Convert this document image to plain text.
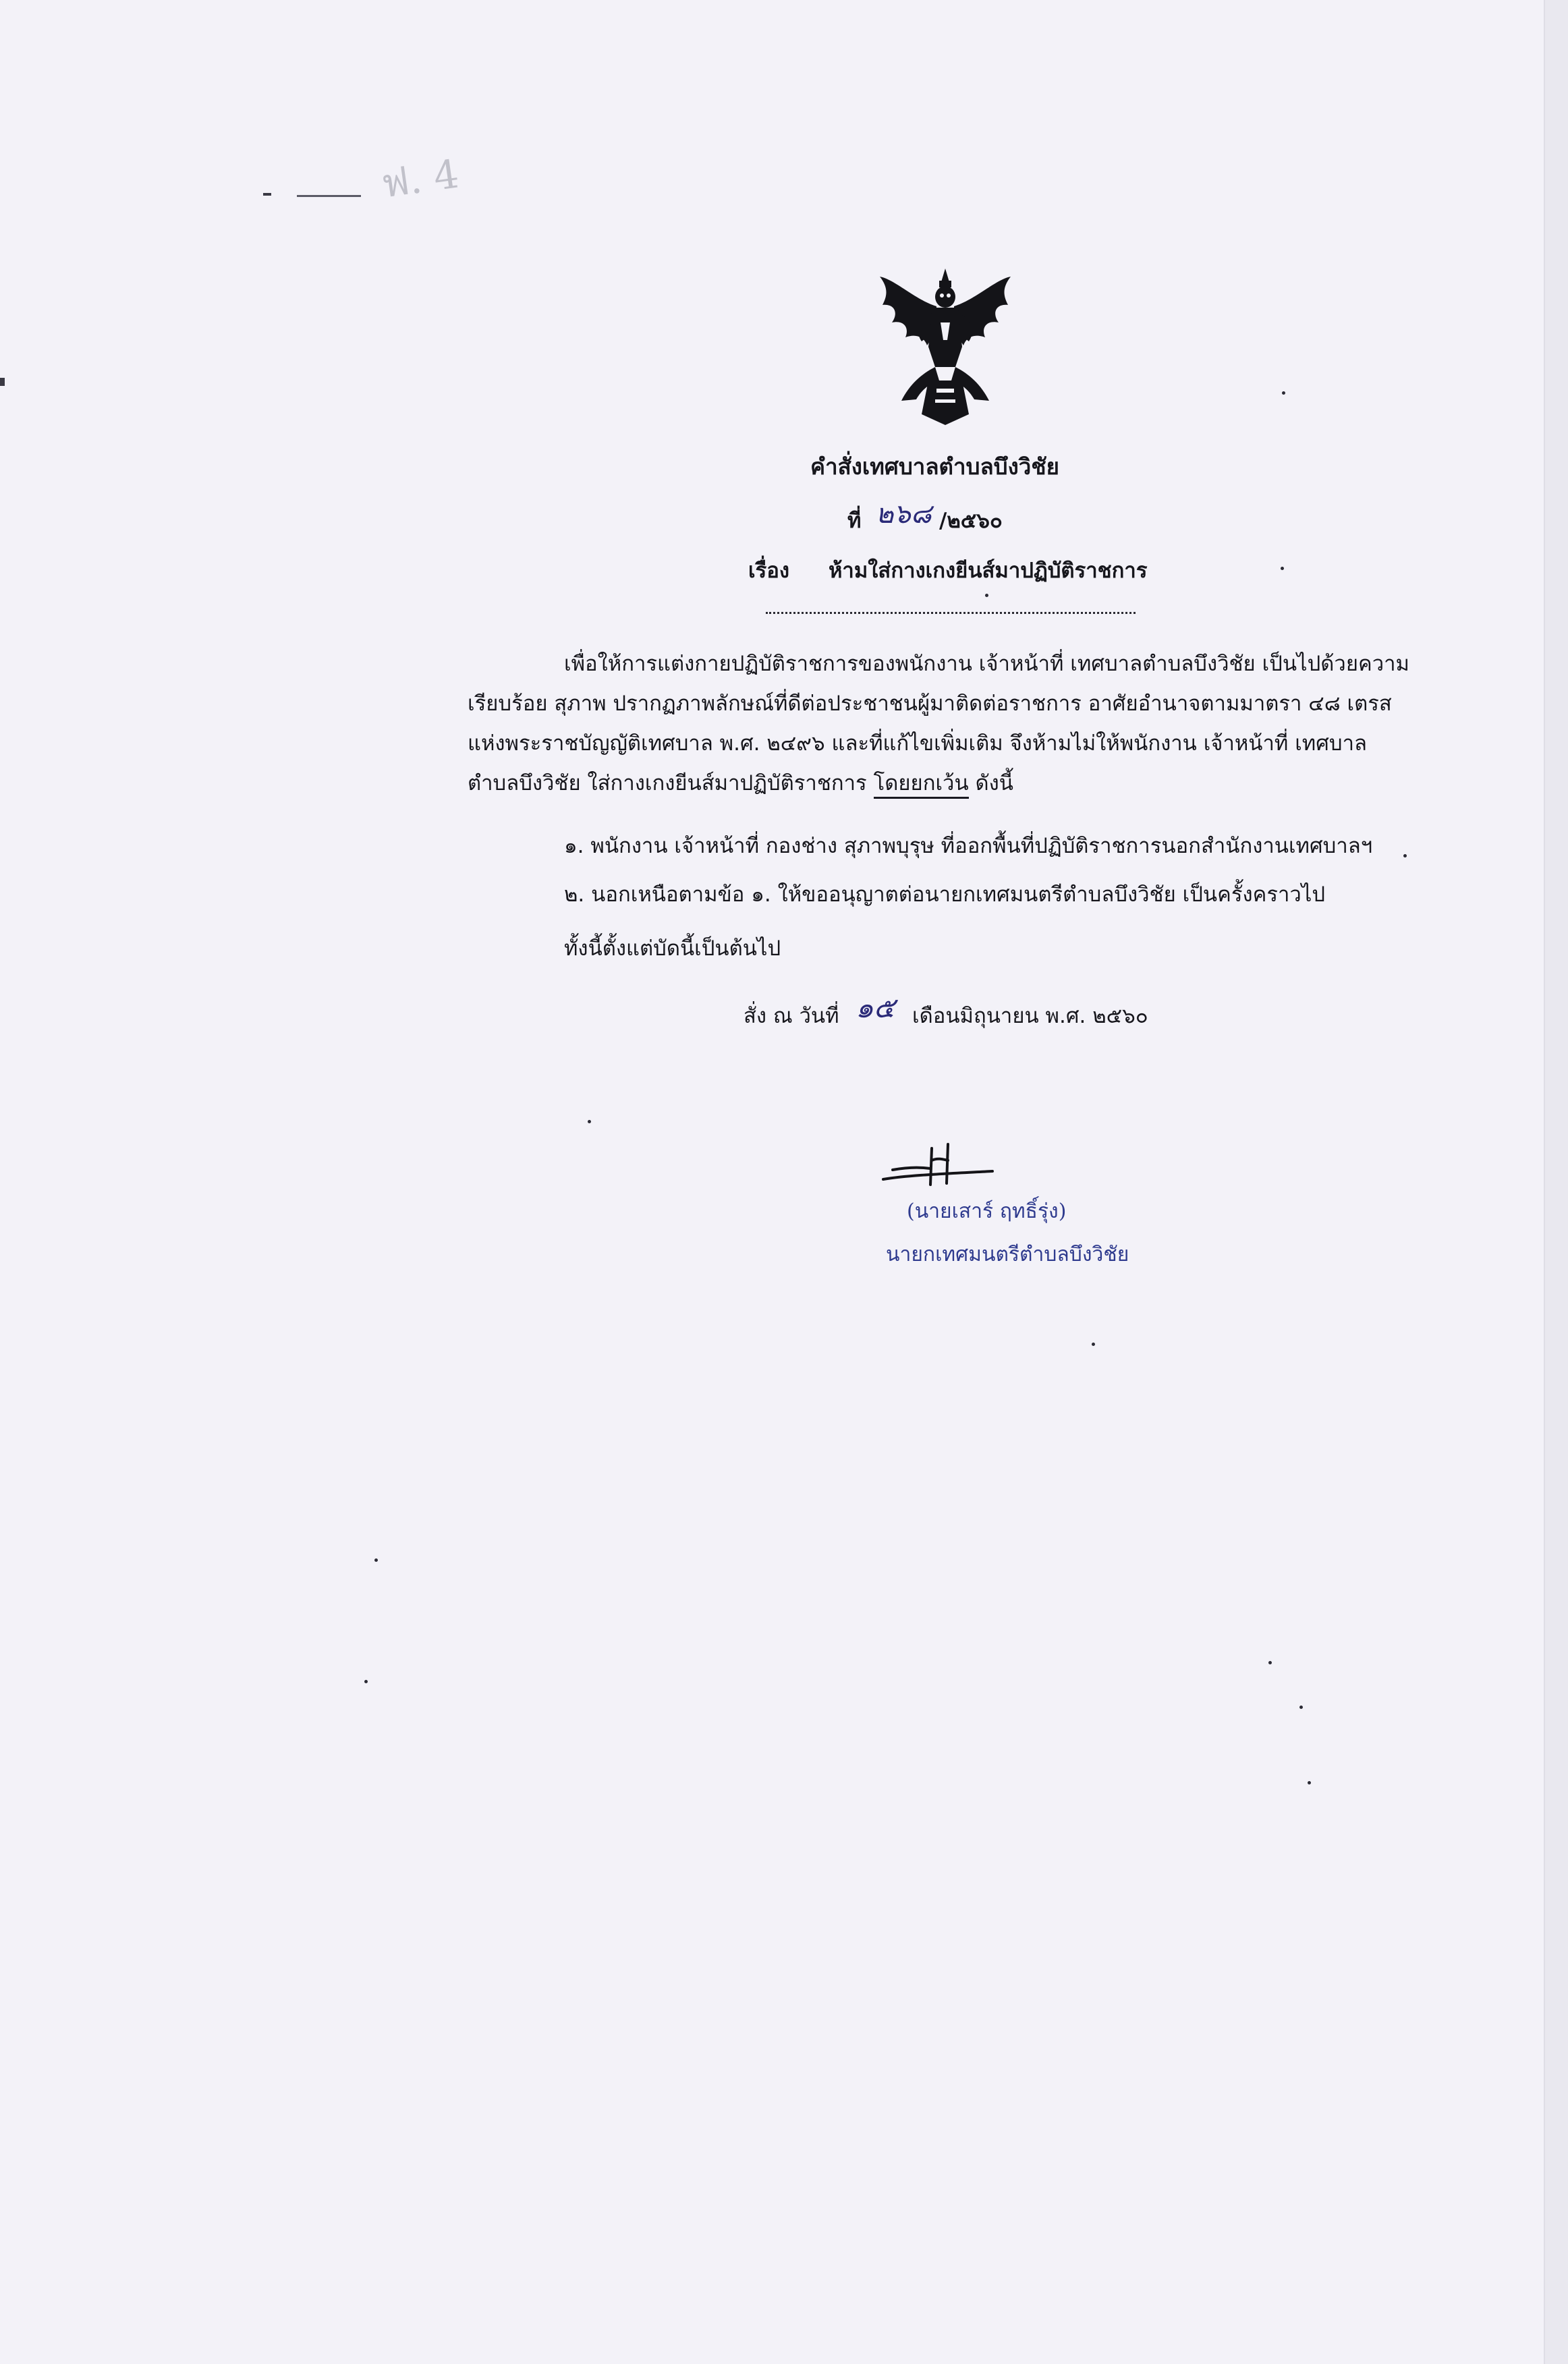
ฟ. 4
คำสั่งเทศบาลตำบลบึงวิชัย
ที่ ๒๖๘ /๒๕๖๐
เรื่อง ห้ามใส่กางเกงยีนส์มาปฏิบัติราชการ
เพื่อให้การแต่งกายปฏิบัติราชการของพนักงาน เจ้าหน้าที่ เทศบาลตำบลบึงวิชัย เป็นไปด้วยความ
เรียบร้อย สุภาพ ปรากฏภาพลักษณ์ที่ดีต่อประชาชนผู้มาติดต่อราชการ อาศัยอำนาจตามมาตรา ๔๘ เตรส
แห่งพระราชบัญญัติเทศบาล พ.ศ. ๒๔๙๖ และที่แก้ไขเพิ่มเติม จึงห้ามไม่ให้พนักงาน เจ้าหน้าที่ เทศบาล
ตำบลบึงวิชัย ใส่กางเกงยีนส์มาปฏิบัติราชการ โดยยกเว้น ดังนี้
๑. พนักงาน เจ้าหน้าที่ กองช่าง สุภาพบุรุษ ที่ออกพื้นที่ปฏิบัติราชการนอกสำนักงานเทศบาลฯ
๒. นอกเหนือตามข้อ ๑. ให้ขออนุญาตต่อนายกเทศมนตรีตำบลบึงวิชัย เป็นครั้งคราวไป
ทั้งนี้ตั้งแต่บัดนี้เป็นต้นไป
สั่ง ณ วันที่ ๑๕ เดือนมิถุนายน พ.ศ. ๒๕๖๐
(นายเสาร์ ฤทธิ์รุ่ง)
นายกเทศมนตรีตำบลบึงวิชัย
